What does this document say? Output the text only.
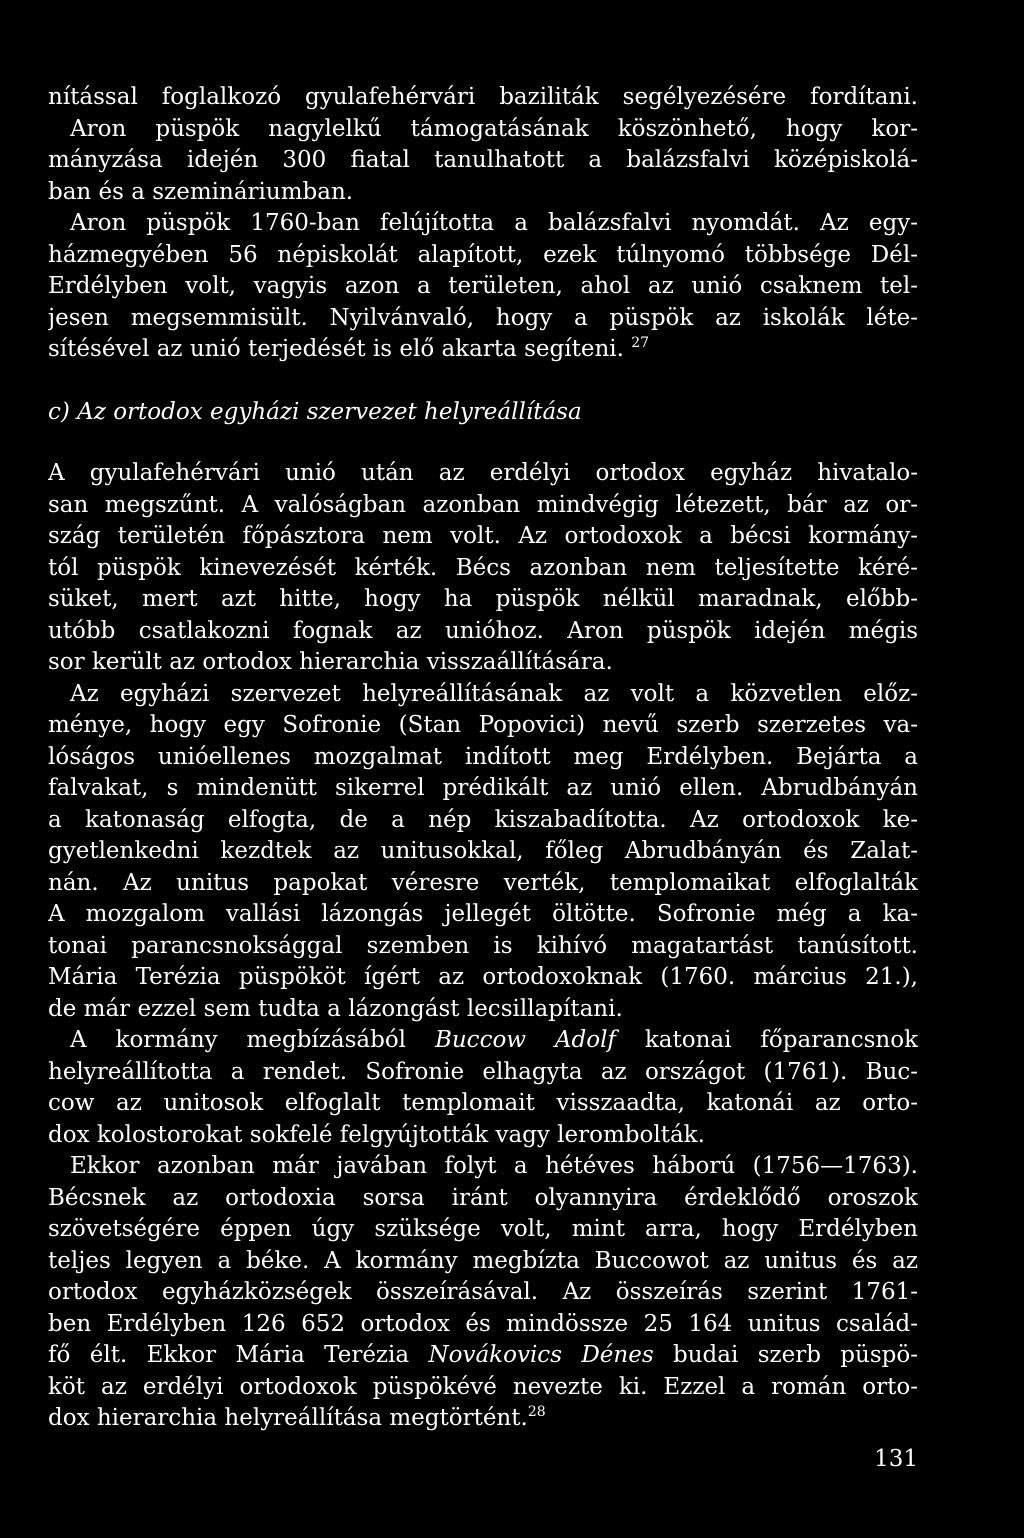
nítással foglalkozó gyulafehérvári baziliták segélyezésére fordítani.
Aron püspök nagylelkű támogatásának köszönhető, hogy kor-
mányzása idején 300 fiatal tanulhatott a balázsfalvi középiskolá-
ban és a szemináriumban.
Aron püspök 1760-ban felújította a balázsfalvi nyomdát. Az egy-
házmegyében 56 népiskolát alapított, ezek túlnyomó többsége Dél-
Erdélyben volt, vagyis azon a területen, ahol az unió csaknem tel-
jesen megsemmisült. Nyilvánvaló, hogy a püspök az iskolák léte-
sítésével az unió terjedését is elő akarta segíteni. $^{27}$
c) Az ortodox egyházi szervezet helyreállítása
A gyulafehérvári unió után az erdélyi ortodox egyház hivatalo-
san megszűnt. A valóságban azonban mindvégig létezett, bár az or-
szág területén főpásztora nem volt. Az ortodoxok a bécsi kormány-
tól püspök kinevezését kérték. Bécs azonban nem teljesítette kéré-
süket, mert azt hitte, hogy ha püspök nélkül maradnak, előbb-
utóbb csatlakozni fognak az unióhoz. Aron püspök idején mégis
sor került az ortodox hierarchia visszaállítására.
Az egyházi szervezet helyreállításának az volt a közvetlen előz-
ménye, hogy egy Sofronie (Stan Popovici) nevű szerb szerzetes va-
lóságos unióellenes mozgalmat indított meg Erdélyben. Bejárta a
falvakat, s mindenütt sikerrel prédikált az unió ellen. Abrudbányán
a katonaság elfogta, de a nép kiszabadította. Az ortodoxok ke-
gyetlenkedni kezdtek az unitusokkal, főleg Abrudbányán és Zalat-
nán. Az unitus papokat véresre verték, templomaikat elfoglalták
A mozgalom vallási lázongás jellegét öltötte. Sofronie még a ka-
tonai parancsnoksággal szemben is kihívó magatartást tanúsított.
Mária Terézia püspököt ígért az ortodoxoknak (1760. március 21.),
de már ezzel sem tudta a lázongást lecsillapítani.
A kormány megbízásából Buccow Adolf katonai főparancsnok
helyreállította a rendet. Sofronie elhagyta az országot (1761). Buc-
cow az unitosok elfoglalt templomait visszaadta, katonái az orto-
dox kolostorokat sokfelé felgyújtották vagy lerombolták.
Ekkor azonban már javában folyt a hétéves háború (1756—1763).
Bécsnek az ortodoxia sorsa iránt olyannyira érdeklődő oroszok
szövetségére éppen úgy szüksége volt, mint arra, hogy Erdélyben
teljes legyen a béke. A kormány megbízta Buccowot az unitus és az
ortodox egyházközségek összeírásával. Az összeírás szerint 1761-
ben Erdélyben 126 652 ortodox és mindössze 25 164 unitus család-
fő élt. Ekkor Mária Terézia Novákovics Dénes budai szerb püspö-
köt az erdélyi ortodoxok püspökévé nevezte ki. Ezzel a román orto-
dox hierarchia helyreállítása megtörtént.$^{28}$
131
